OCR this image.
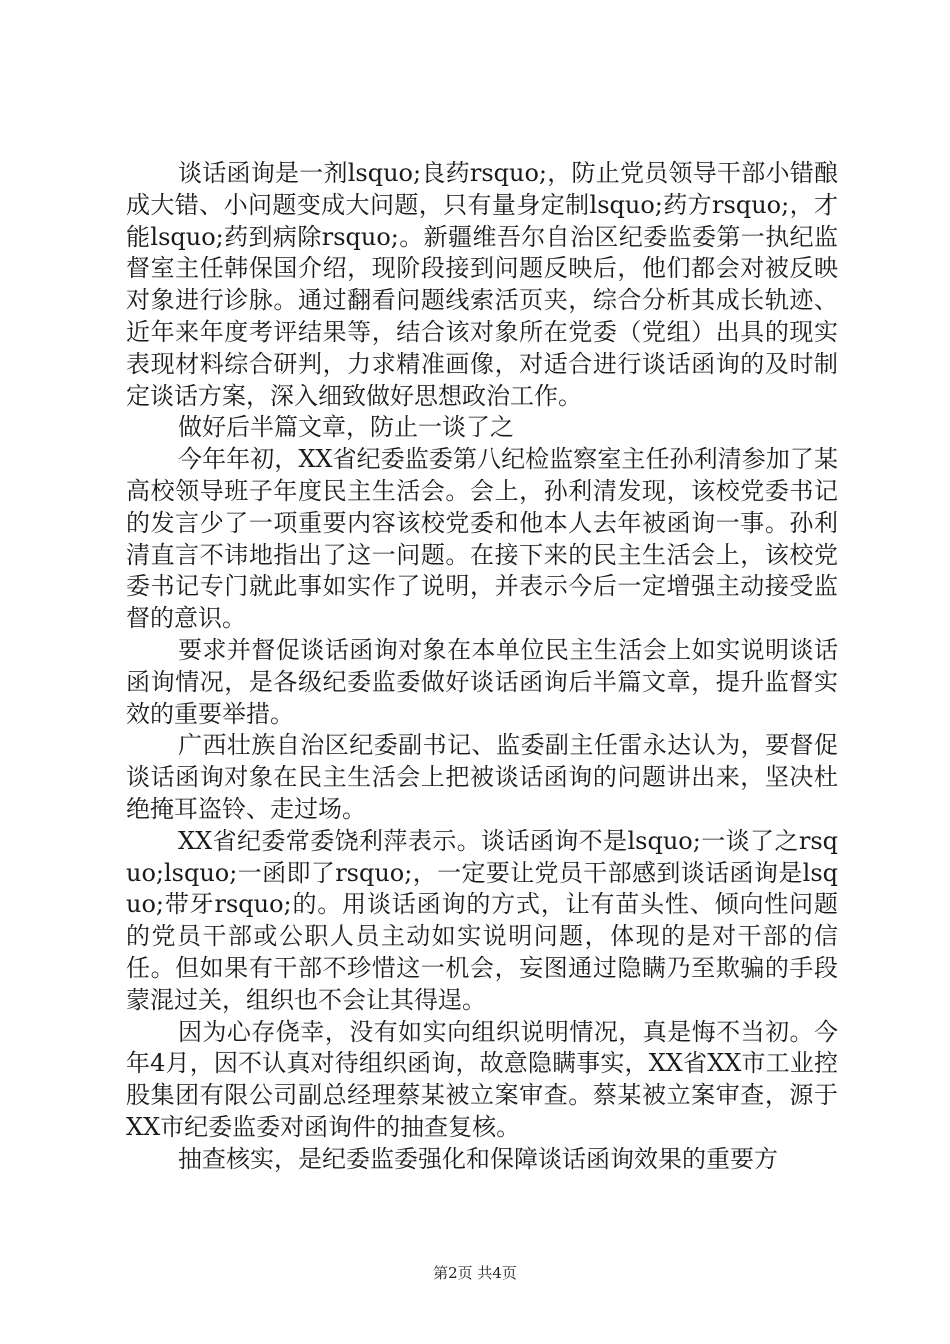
谈话函询是一剂lsquo;良药rsquo;，防止党员领导干部小错酿成大错、小问题变成大问题，只有量身定制lsquo;药方rsquo;，才能lsquo;药到病除rsquo;。新疆维吾尔自治区纪委监委第一执纪监督室主任韩保国介绍，现阶段接到问题反映后，他们都会对被反映对象进行诊脉。通过翻看问题线索活页夹，综合分析其成长轨迹、近年来年度考评结果等，结合该对象所在党委（党组）出具的现实表现材料综合研判，力求精准画像，对适合进行谈话函询的及时制定谈话方案，深入细致做好思想政治工作。

做好后半篇文章，防止一谈了之

今年年初，XX省纪委监委第八纪检监察室主任孙利清参加了某高校领导班子年度民主生活会。会上，孙利清发现，该校党委书记的发言少了一项重要内容该校党委和他本人去年被函询一事。孙利清直言不讳地指出了这一问题。在接下来的民主生活会上，该校党委书记专门就此事如实作了说明，并表示今后一定增强主动接受监督的意识。

要求并督促谈话函询对象在本单位民主生活会上如实说明谈话函询情况，是各级纪委监委做好谈话函询后半篇文章，提升监督实效的重要举措。

广西壮族自治区纪委副书记、监委副主任雷永达认为，要督促谈话函询对象在民主生活会上把被谈话函询的问题讲出来，坚决杜绝掩耳盗铃、走过场。

XX省纪委常委饶利萍表示。谈话函询不是lsquo;一谈了之rsquo;lsquo;一函即了rsquo;，一定要让党员干部感到谈话函询是lsquo;带牙rsquo;的。用谈话函询的方式，让有苗头性、倾向性问题的党员干部或公职人员主动如实说明问题，体现的是对干部的信任。但如果有干部不珍惜这一机会，妄图通过隐瞒乃至欺骗的手段蒙混过关，组织也不会让其得逞。

因为心存侥幸，没有如实向组织说明情况，真是悔不当初。今年4月，因不认真对待组织函询，故意隐瞒事实，XX省XX市工业控股集团有限公司副总经理蔡某被立案审查。蔡某被立案审查，源于XX市纪委监委对函询件的抽查复核。

抽查核实，是纪委监委强化和保障谈话函询效果的重要方

第2页 共4页
